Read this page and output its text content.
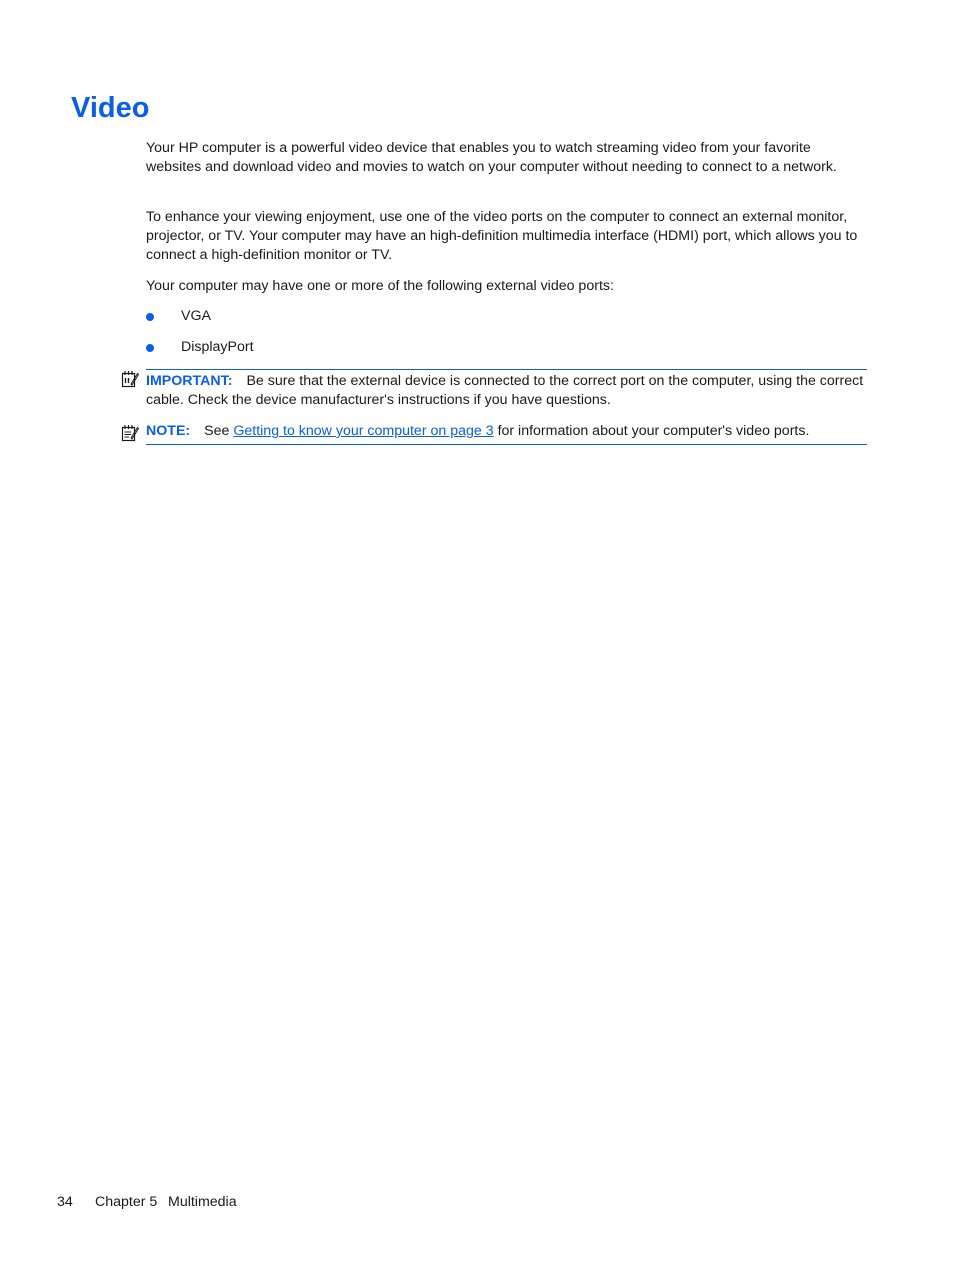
Video

Your HP computer is a powerful video device that enables you to watch streaming video from your favorite websites and download video and movies to watch on your computer without needing to connect to a network.

To enhance your viewing enjoyment, use one of the video ports on the computer to connect an external monitor, projector, or TV. Your computer may have an high-definition multimedia interface (HDMI) port, which allows you to connect a high-definition monitor or TV.

Your computer may have one or more of the following external video ports:

VGA
DisplayPort
IMPORTANT: Be sure that the external device is connected to the correct port on the computer, using the correct cable. Check the device manufacturer's instructions if you have questions.
NOTE: See Getting to know your computer on page 3 for information about your computer's video ports.
34 Chapter 5 Multimedia
